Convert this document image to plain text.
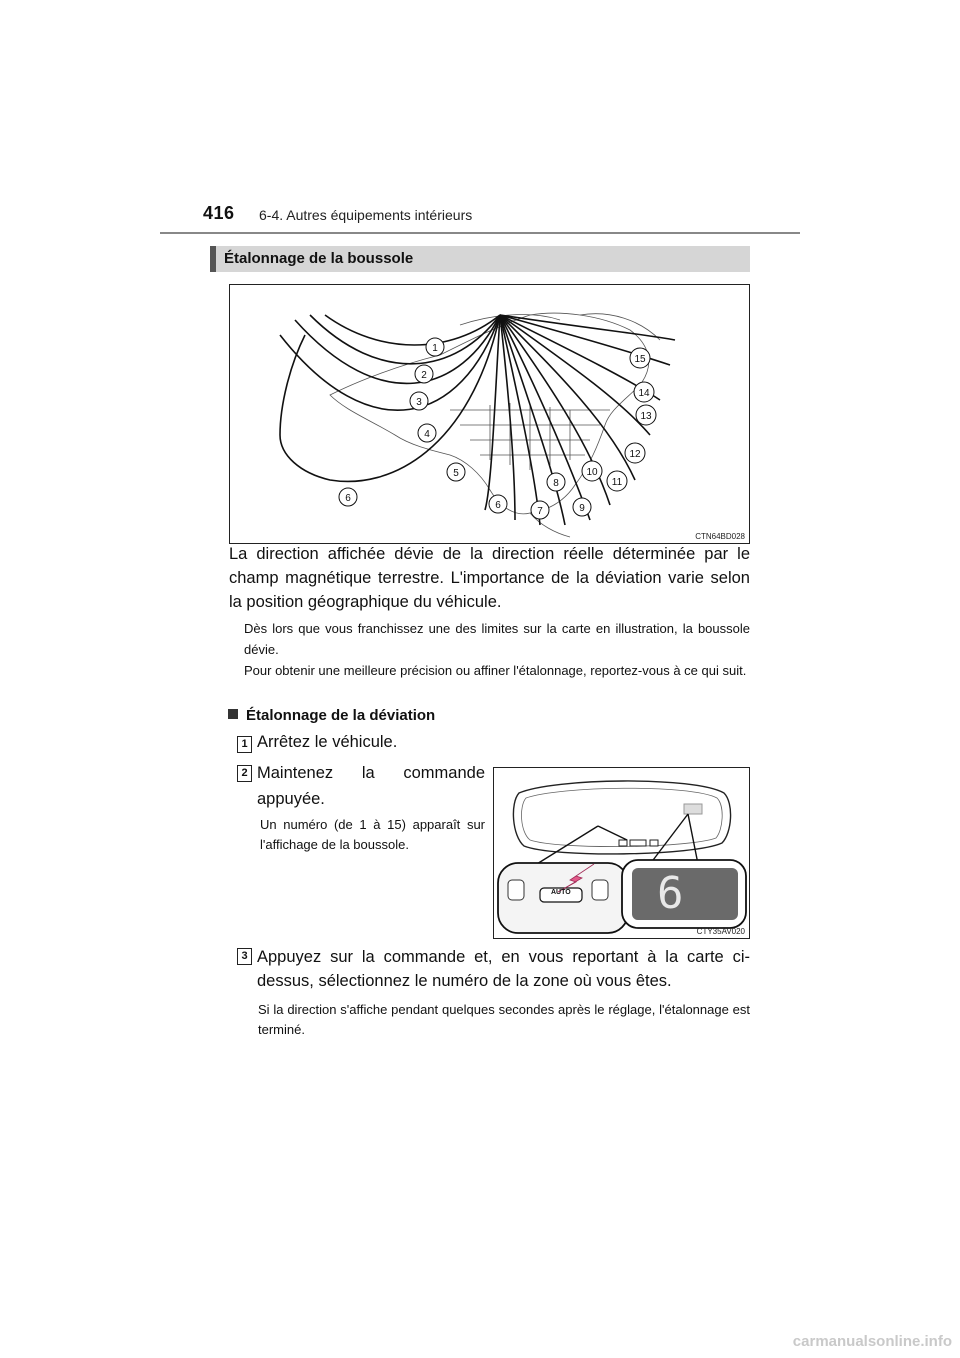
416 6-4. Autres équipements intérieurs
Étalonnage de la boussole
1
2
3
4
5
6
6
7
8
9
10
11
12
13
14
15
CTN64BD028
La direction affichée dévie de la direction réelle déterminée par le champ magnétique terrestre. L'importance de la déviation varie selon la position géographique du véhicule.
Dès lors que vous franchissez une des limites sur la carte en illustration, la boussole dévie.
Pour obtenir une meilleure précision ou affiner l'étalonnage, reportez-vous à ce qui suit.
Étalonnage de la déviation
1 Arrêtez le véhicule.
2 Maintenez la commande appuyée.
Un numéro (de 1 à 15) apparaît sur l'affichage de la boussole.
AUTO 6
CTY35AV020
3 Appuyez sur la commande et, en vous reportant à la carte ci-dessus, sélectionnez le numéro de la zone où vous êtes.
Si la direction s'affiche pendant quelques secondes après le réglage, l'étalonnage est terminé.
carmanualsonline.info
